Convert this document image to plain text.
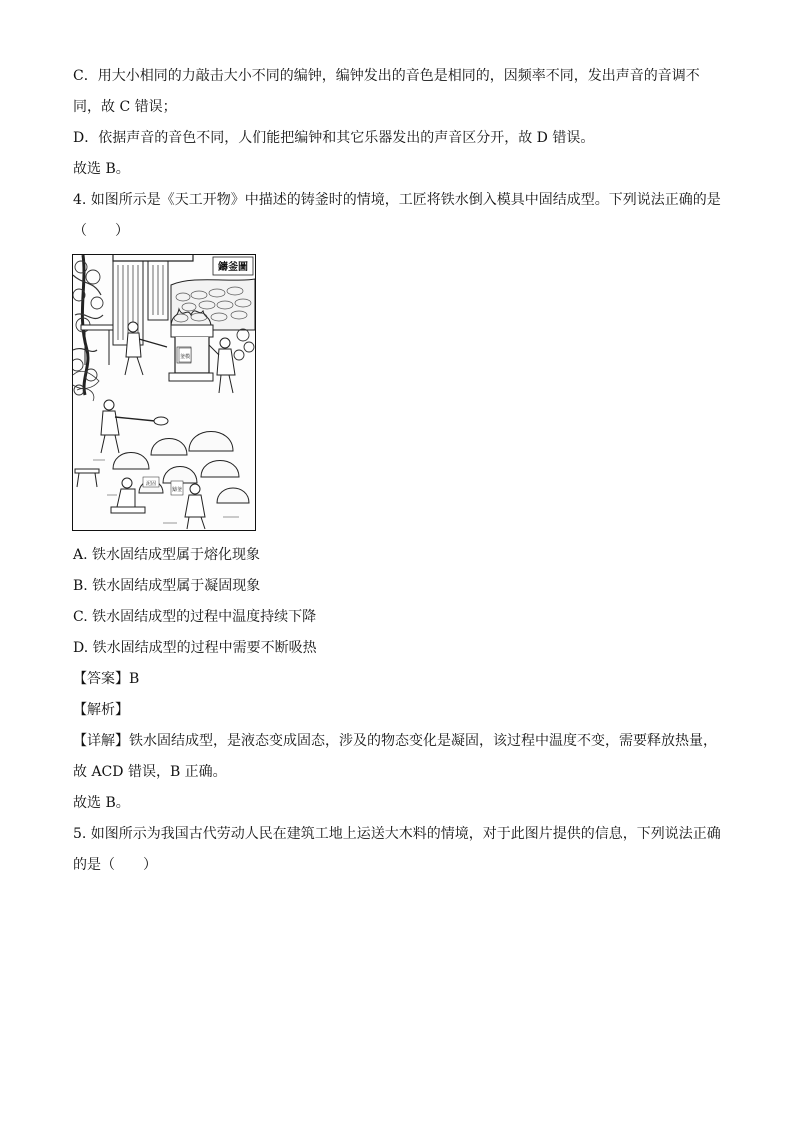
C．用大小相同的力敲击大小不同的编钟，编钟发出的音色是相同的，因频率不同，发出声音的音调不
同，故 C 错误；
D．依据声音的音色不同，人们能把编钟和其它乐器发出的声音区分开，故 D 错误。
故选 B。
4. 如图所示是《天工开物》中描述的铸釜时的情境，工匠将铁水倒入模具中固结成型。下列说法正确的是
（　　）
鑄釜圖
釜模
泥固
鑄釜
A. 铁水固结成型属于熔化现象
B. 铁水固结成型属于凝固现象
C. 铁水固结成型的过程中温度持续下降
D. 铁水固结成型的过程中需要不断吸热
【答案】B
【解析】
【详解】铁水固结成型，是液态变成固态，涉及的物态变化是凝固，该过程中温度不变，需要释放热量，
故 ACD 错误，B 正确。
故选 B。
5. 如图所示为我国古代劳动人民在建筑工地上运送大木料的情境，对于此图片提供的信息，下列说法正确
的是（　　）
